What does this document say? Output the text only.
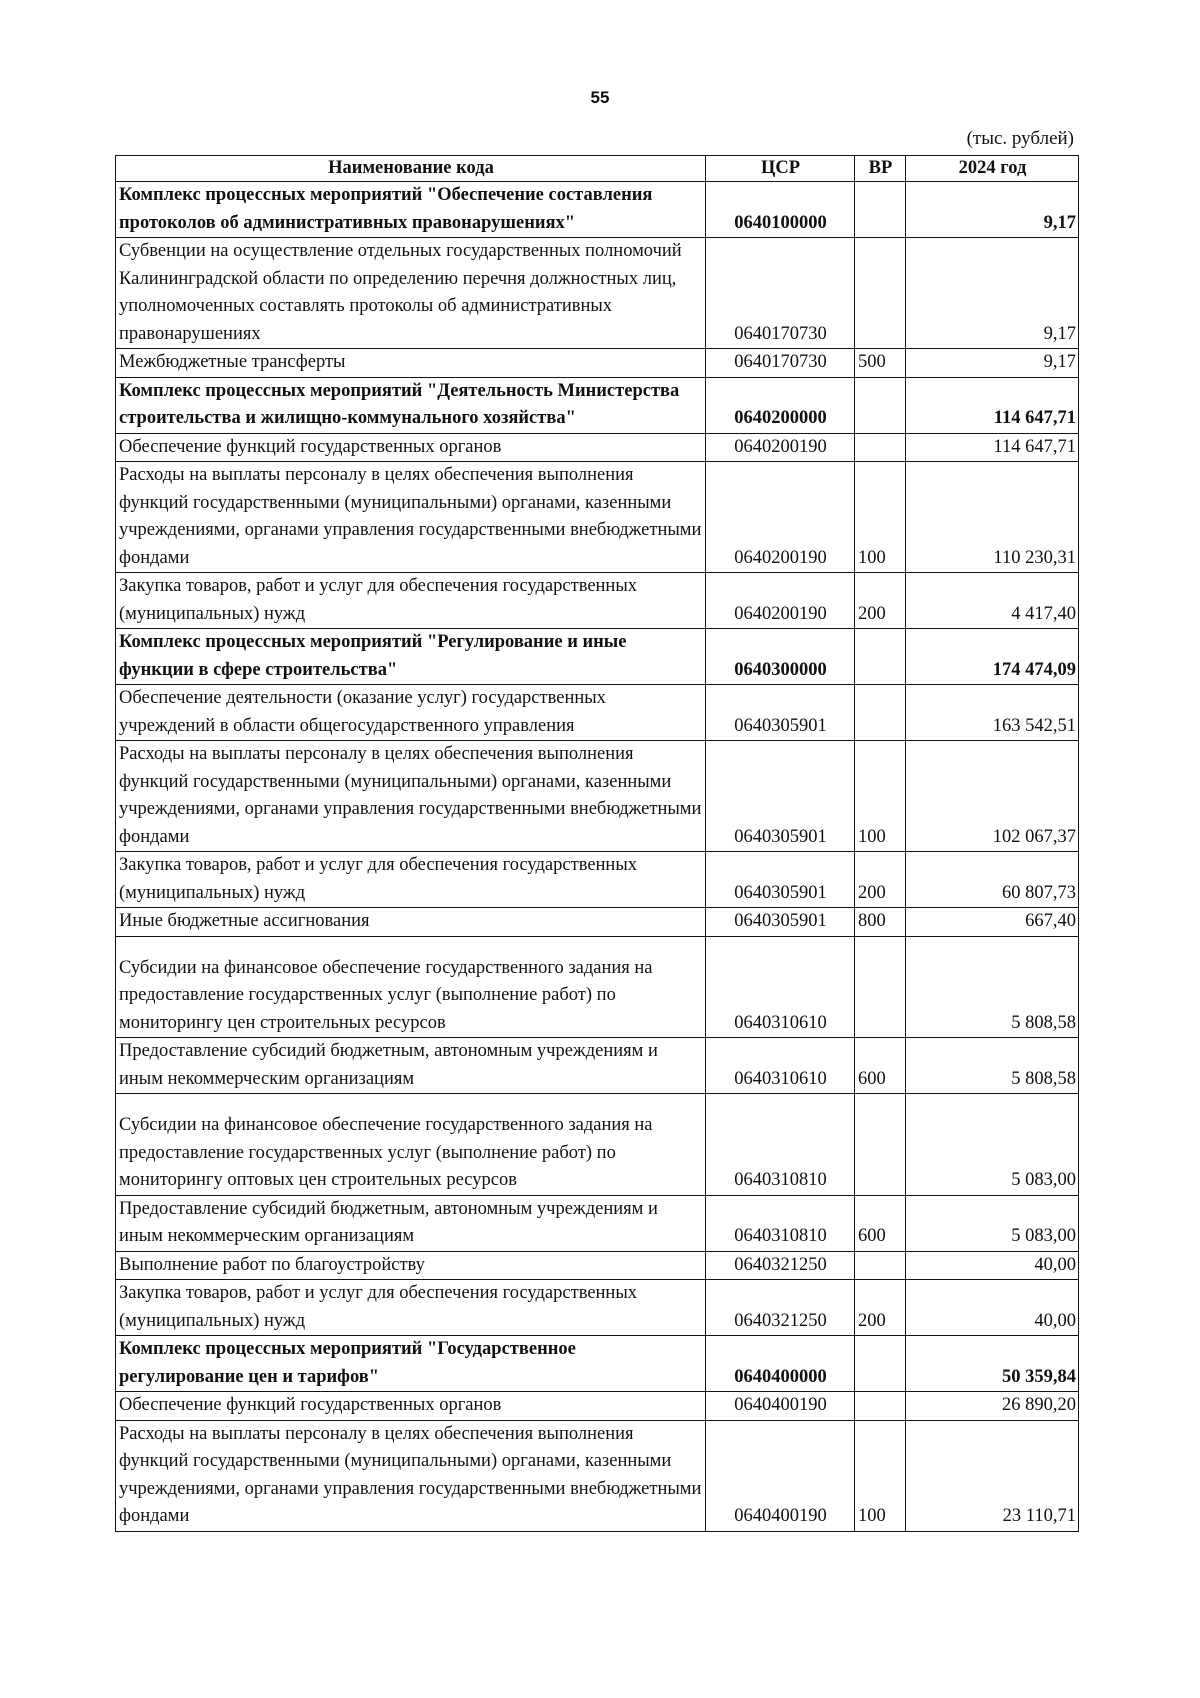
55
(тыс. рублей)
Наименование кода	ЦСР	ВР	2024 год
Комплекс процессных мероприятий "Обеспечение составления протоколов об административных правонарушениях"	0640100000		9,17
Субвенции на осуществление отдельных государственных полномочий Калининградской области по определению перечня должностных лиц, уполномоченных составлять протоколы об административных правонарушениях	0640170730		9,17
Межбюджетные трансферты	0640170730	500	9,17
Комплекс процессных мероприятий "Деятельность Министерства строительства и жилищно-коммунального хозяйства"	0640200000		114 647,71
Обеспечение функций государственных органов	0640200190		114 647,71
Расходы на выплаты персоналу в целях обеспечения выполнения функций государственными (муниципальными) органами, казенными учреждениями, органами управления государственными внебюджетными фондами	0640200190	100	110 230,31
Закупка товаров, работ и услуг для обеспечения государственных (муниципальных) нужд	0640200190	200	4 417,40
Комплекс процессных мероприятий "Регулирование и иные функции в сфере строительства"	0640300000		174 474,09
Обеспечение деятельности (оказание услуг) государственных учреждений в области общегосударственного управления	0640305901		163 542,51
Расходы на выплаты персоналу в целях обеспечения выполнения функций государственными (муниципальными) органами, казенными учреждениями, органами управления государственными внебюджетными фондами	0640305901	100	102 067,37
Закупка товаров, работ и услуг для обеспечения государственных (муниципальных) нужд	0640305901	200	60 807,73
Иные бюджетные ассигнования	0640305901	800	667,40
Субсидии на финансовое обеспечение государственного задания на предоставление государственных услуг (выполнение работ) по мониторингу цен строительных ресурсов	0640310610		5 808,58
Предоставление субсидий бюджетным, автономным учреждениям и иным некоммерческим организациям	0640310610	600	5 808,58
Субсидии на финансовое обеспечение государственного задания на предоставление государственных услуг (выполнение работ) по мониторингу оптовых цен строительных ресурсов	0640310810		5 083,00
Предоставление субсидий бюджетным, автономным учреждениям и иным некоммерческим организациям	0640310810	600	5 083,00
Выполнение работ по благоустройству	0640321250		40,00
Закупка товаров, работ и услуг для обеспечения государственных (муниципальных) нужд	0640321250	200	40,00
Комплекс процессных мероприятий "Государственное регулирование цен и тарифов"	0640400000		50 359,84
Обеспечение функций государственных органов	0640400190		26 890,20
Расходы на выплаты персоналу в целях обеспечения выполнения функций государственными (муниципальными) органами, казенными учреждениями, органами управления государственными внебюджетными фондами	0640400190	100	23 110,71
